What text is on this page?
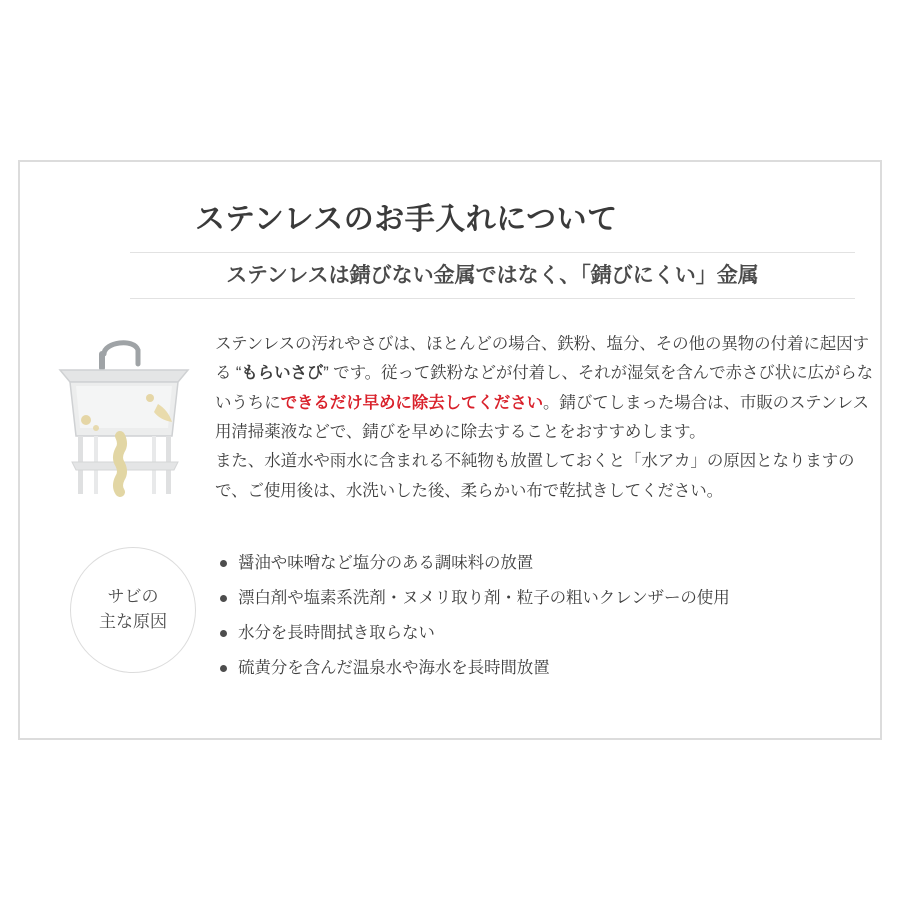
ステンレスのお手入れについて
ステンレスは錆びない金属ではなく、「錆びにくい」金属

ステンレスの汚れやさびは、ほとんどの場合、鉄粉、塩分、その他の異物の付着に起因する “もらいさび” です。従って鉄粉などが付着し、それが湿気を含んで赤さび状に広がらないうちにできるだけ早めに除去してください。錆びてしまった場合は、市販のステンレス用清掃薬液などで、錆びを早めに除去することをおすすめします。

また、水道水や雨水に含まれる不純物も放置しておくと「水アカ」の原因となりますので、ご使用後は、水洗いした後、柔らかい布で乾拭きしてください。

サビの
主な原因
醤油や味噌など塩分のある調味料の放置
漂白剤や塩素系洗剤・ヌメリ取り剤・粒子の粗いクレンザーの使用
水分を長時間拭き取らない
硫黄分を含んだ温泉水や海水を長時間放置
